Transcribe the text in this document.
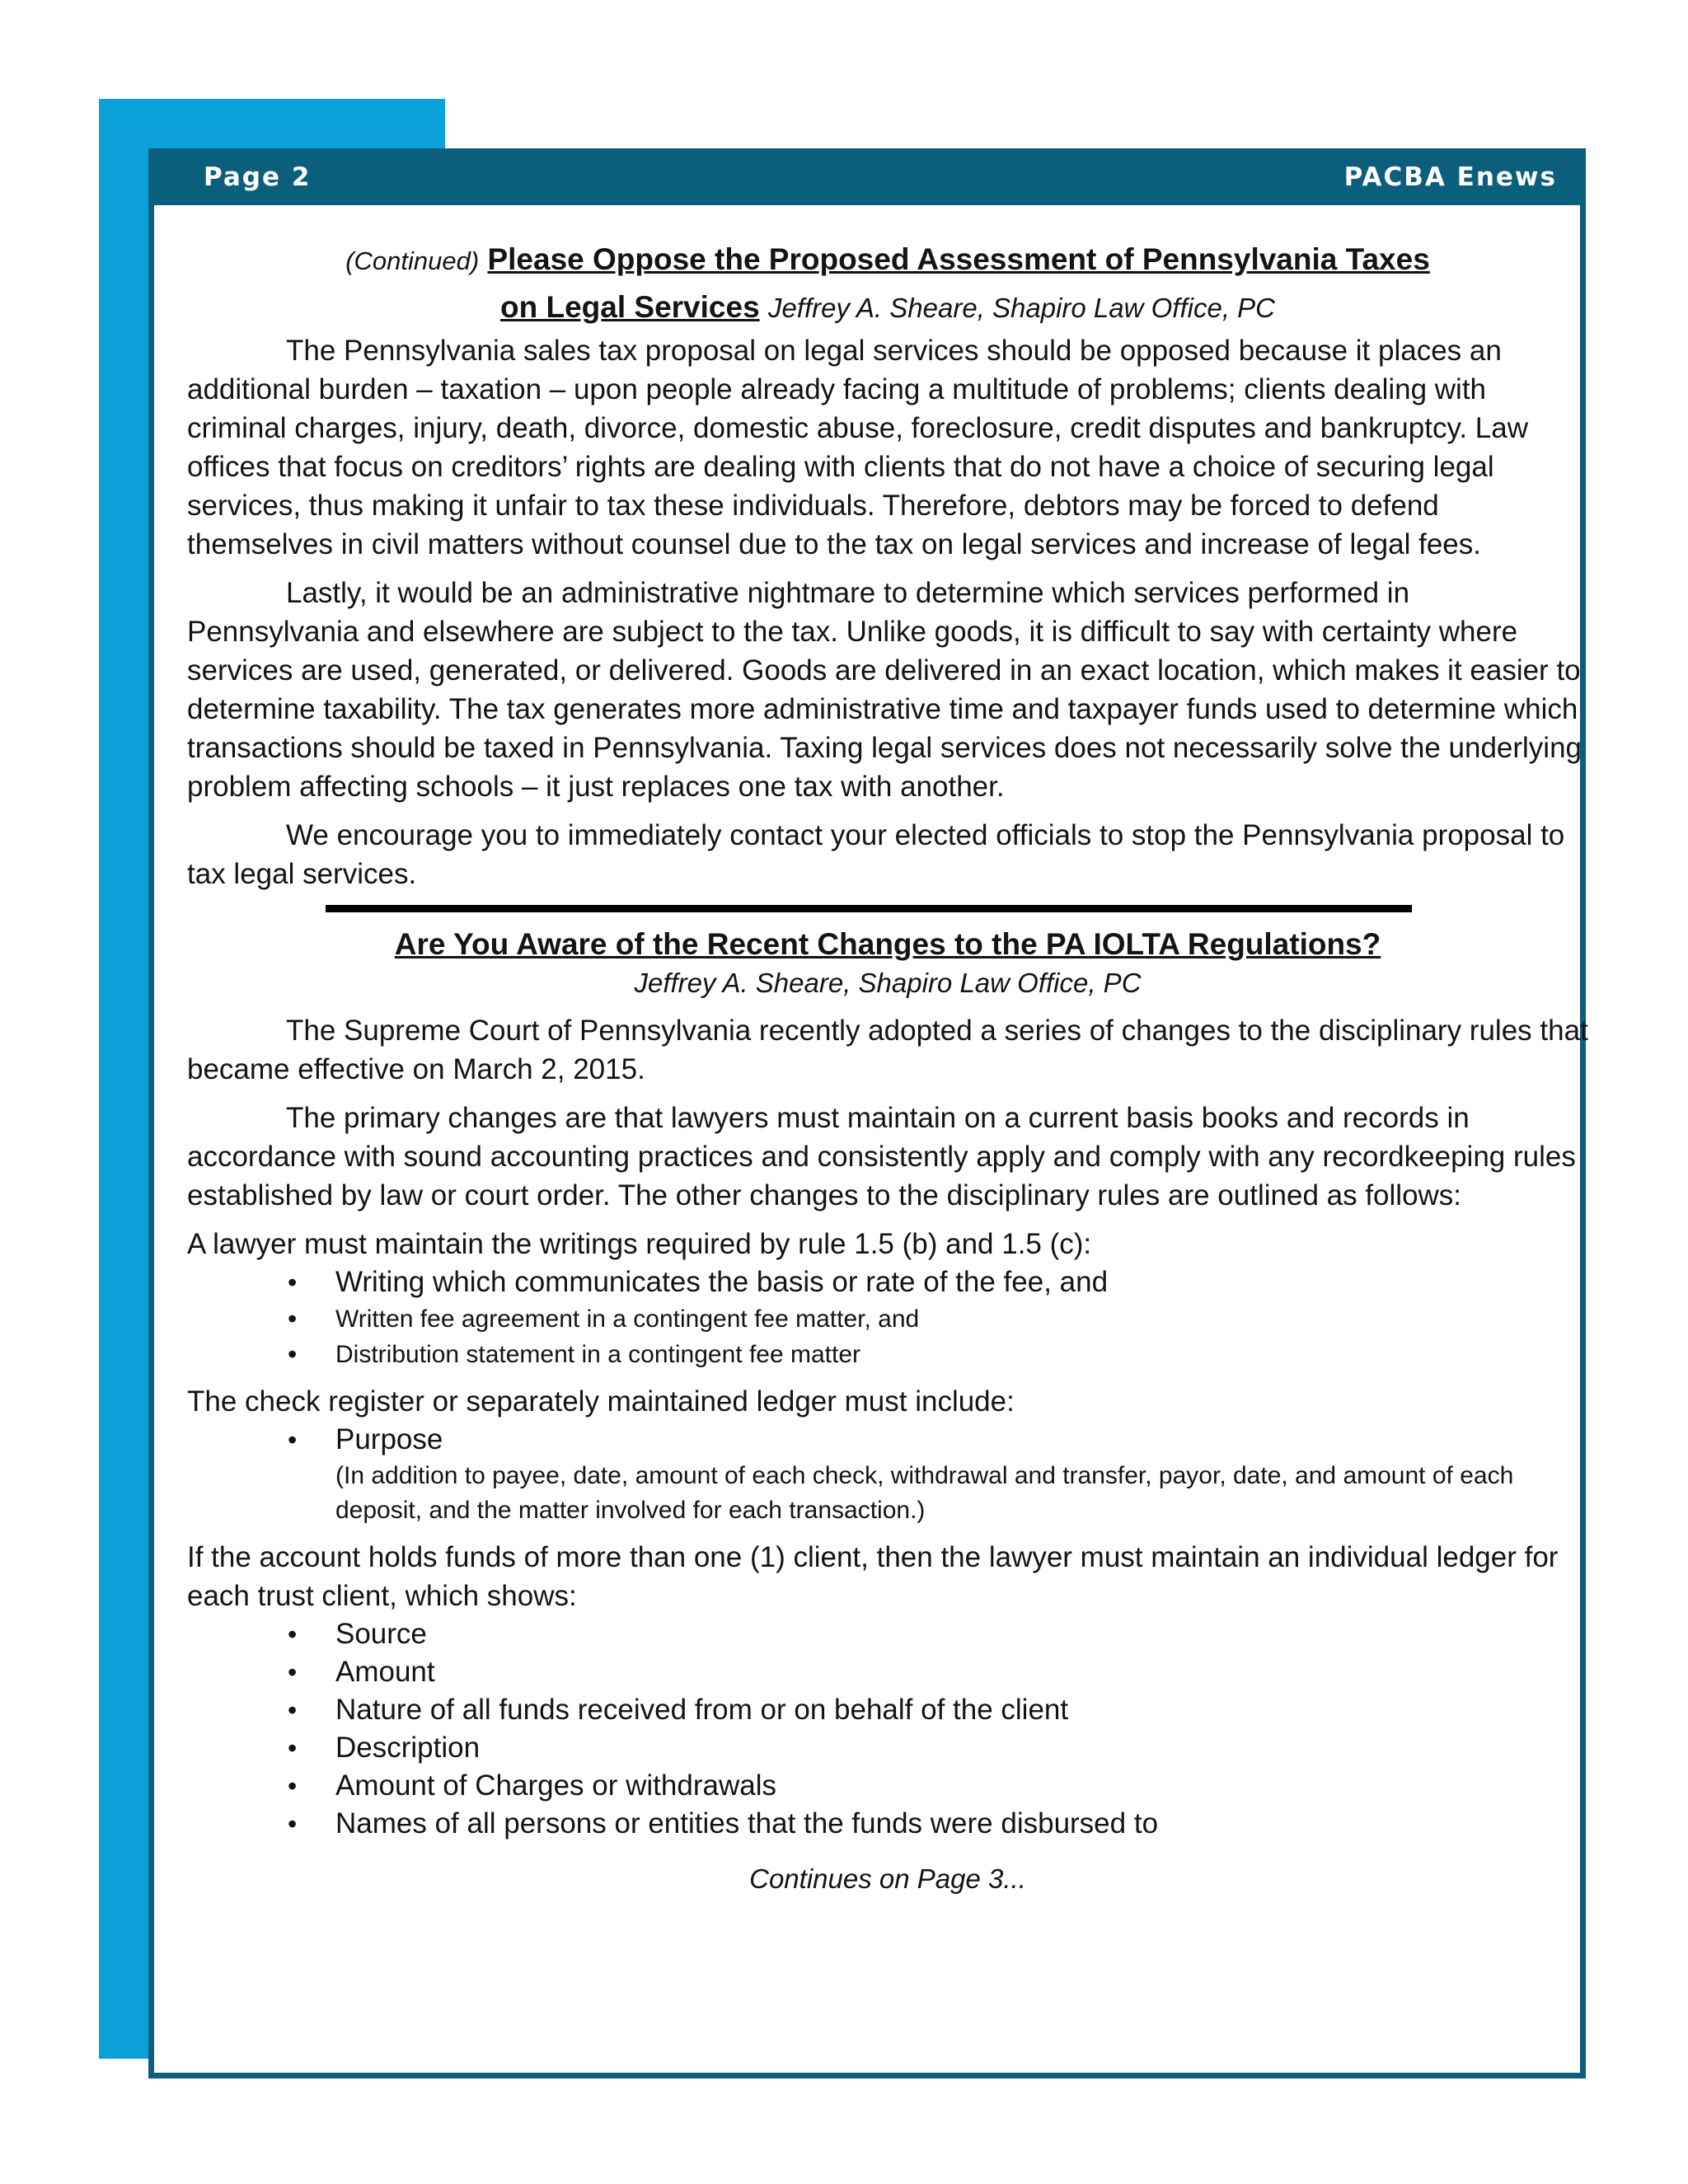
Page 2	PACBA Enews
(Continued) Please Oppose the Proposed Assessment of Pennsylvania Taxes
on Legal Services Jeffrey A. Sheare, Shapiro Law Office, PC

The Pennsylvania sales tax proposal on legal services should be opposed because it places an additional burden – taxation – upon people already facing a multitude of problems; clients dealing with criminal charges, injury, death, divorce, domestic abuse, foreclosure, credit disputes and bankruptcy. Law offices that focus on creditors’ rights are dealing with clients that do not have a choice of securing legal services, thus making it unfair to tax these individuals. Therefore, debtors may be forced to defend themselves in civil matters without counsel due to the tax on legal services and increase of legal fees.

Lastly, it would be an administrative nightmare to determine which services performed in Pennsylvania and elsewhere are subject to the tax. Unlike goods, it is difficult to say with certainty where services are used, generated, or delivered. Goods are delivered in an exact location, which makes it easier to determine taxability. The tax generates more administrative time and taxpayer funds used to determine which transactions should be taxed in Pennsylvania. Taxing legal services does not necessarily solve the underlying problem affecting schools – it just replaces one tax with another.

We encourage you to immediately contact your elected officials to stop the Pennsylvania proposal to tax legal services.

Are You Aware of the Recent Changes to the PA IOLTA Regulations?
Jeffrey A. Sheare, Shapiro Law Office, PC

The Supreme Court of Pennsylvania recently adopted a series of changes to the disciplinary rules that became effective on March 2, 2015.

The primary changes are that lawyers must maintain on a current basis books and records in accordance with sound accounting practices and consistently apply and comply with any recordkeeping rules established by law or court order. The other changes to the disciplinary rules are outlined as follows:

A lawyer must maintain the writings required by rule 1.5 (b) and 1.5 (c):

• Writing which communicates the basis or rate of the fee, and
• Written fee agreement in a contingent fee matter, and
• Distribution statement in a contingent fee matter

The check register or separately maintained ledger must include:

• Purpose
(In addition to payee, date, amount of each check, withdrawal and transfer, payor, date, and amount of each deposit, and the matter involved for each transaction.)

If the account holds funds of more than one (1) client, then the lawyer must maintain an individual ledger for each trust client, which shows:

• Source
• Amount
• Nature of all funds received from or on behalf of the client
• Description
• Amount of Charges or withdrawals
• Names of all persons or entities that the funds were disbursed to
Continues on Page 3...
